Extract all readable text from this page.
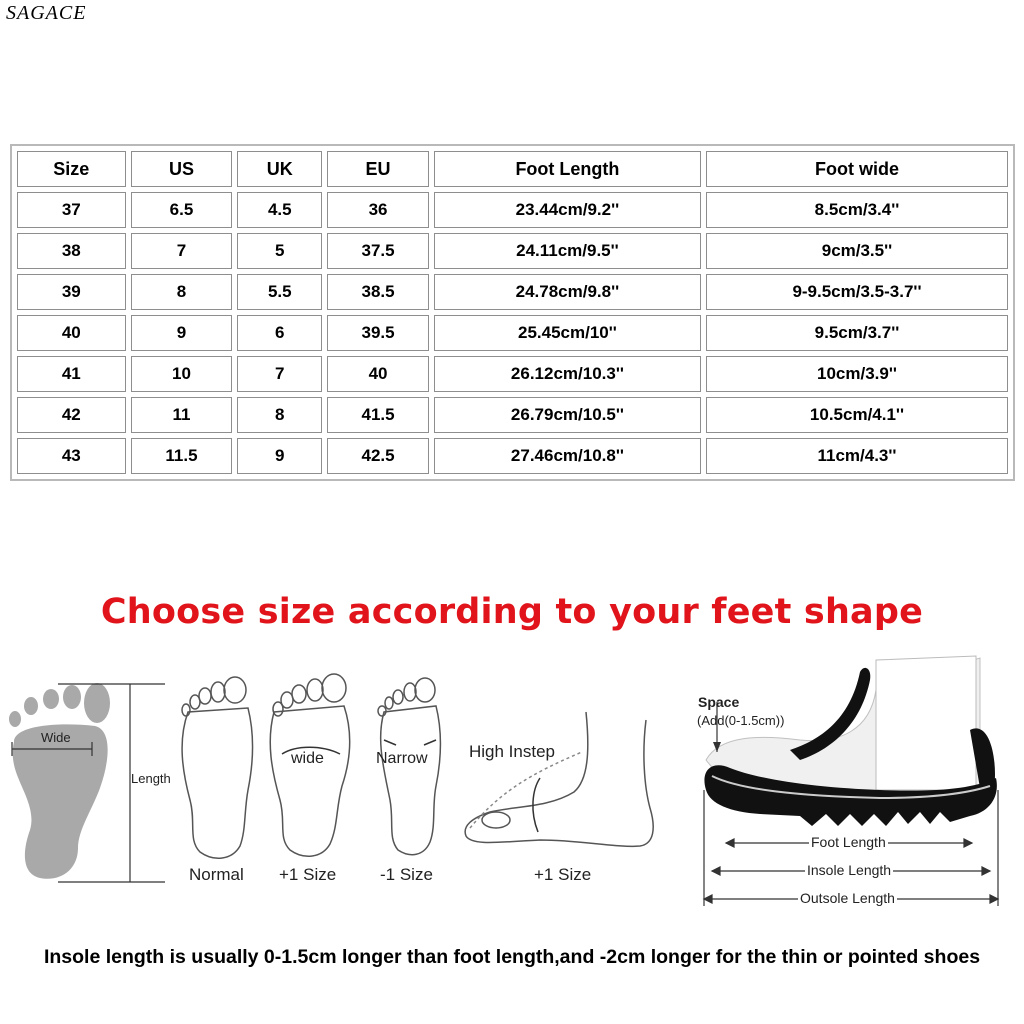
SAGACE
Size	US	UK	EU	Foot Length	Foot wide
37	6.5	4.5	36	23.44cm/9.2''	8.5cm/3.4''
38	7	5	37.5	24.11cm/9.5''	9cm/3.5''
39	8	5.5	38.5	24.78cm/9.8''	9-9.5cm/3.5-3.7''
40	9	6	39.5	25.45cm/10''	9.5cm/3.7''
41	10	7	40	26.12cm/10.3''	10cm/3.9''
42	11	8	41.5	26.79cm/10.5''	10.5cm/4.1''
43	11.5	9	42.5	27.46cm/10.8''	11cm/4.3''
Choose size according to your feet shape
Wide
Length
wide	Narrow
Normal +1 Size	-1 Size
High Instep
+1 Size
Space
(Add(0-1.5cm))
Foot Length
Insole Length
Outsole Length
Insole length is usually 0-1.5cm longer than foot length,and -2cm longer for the thin or pointed shoes
